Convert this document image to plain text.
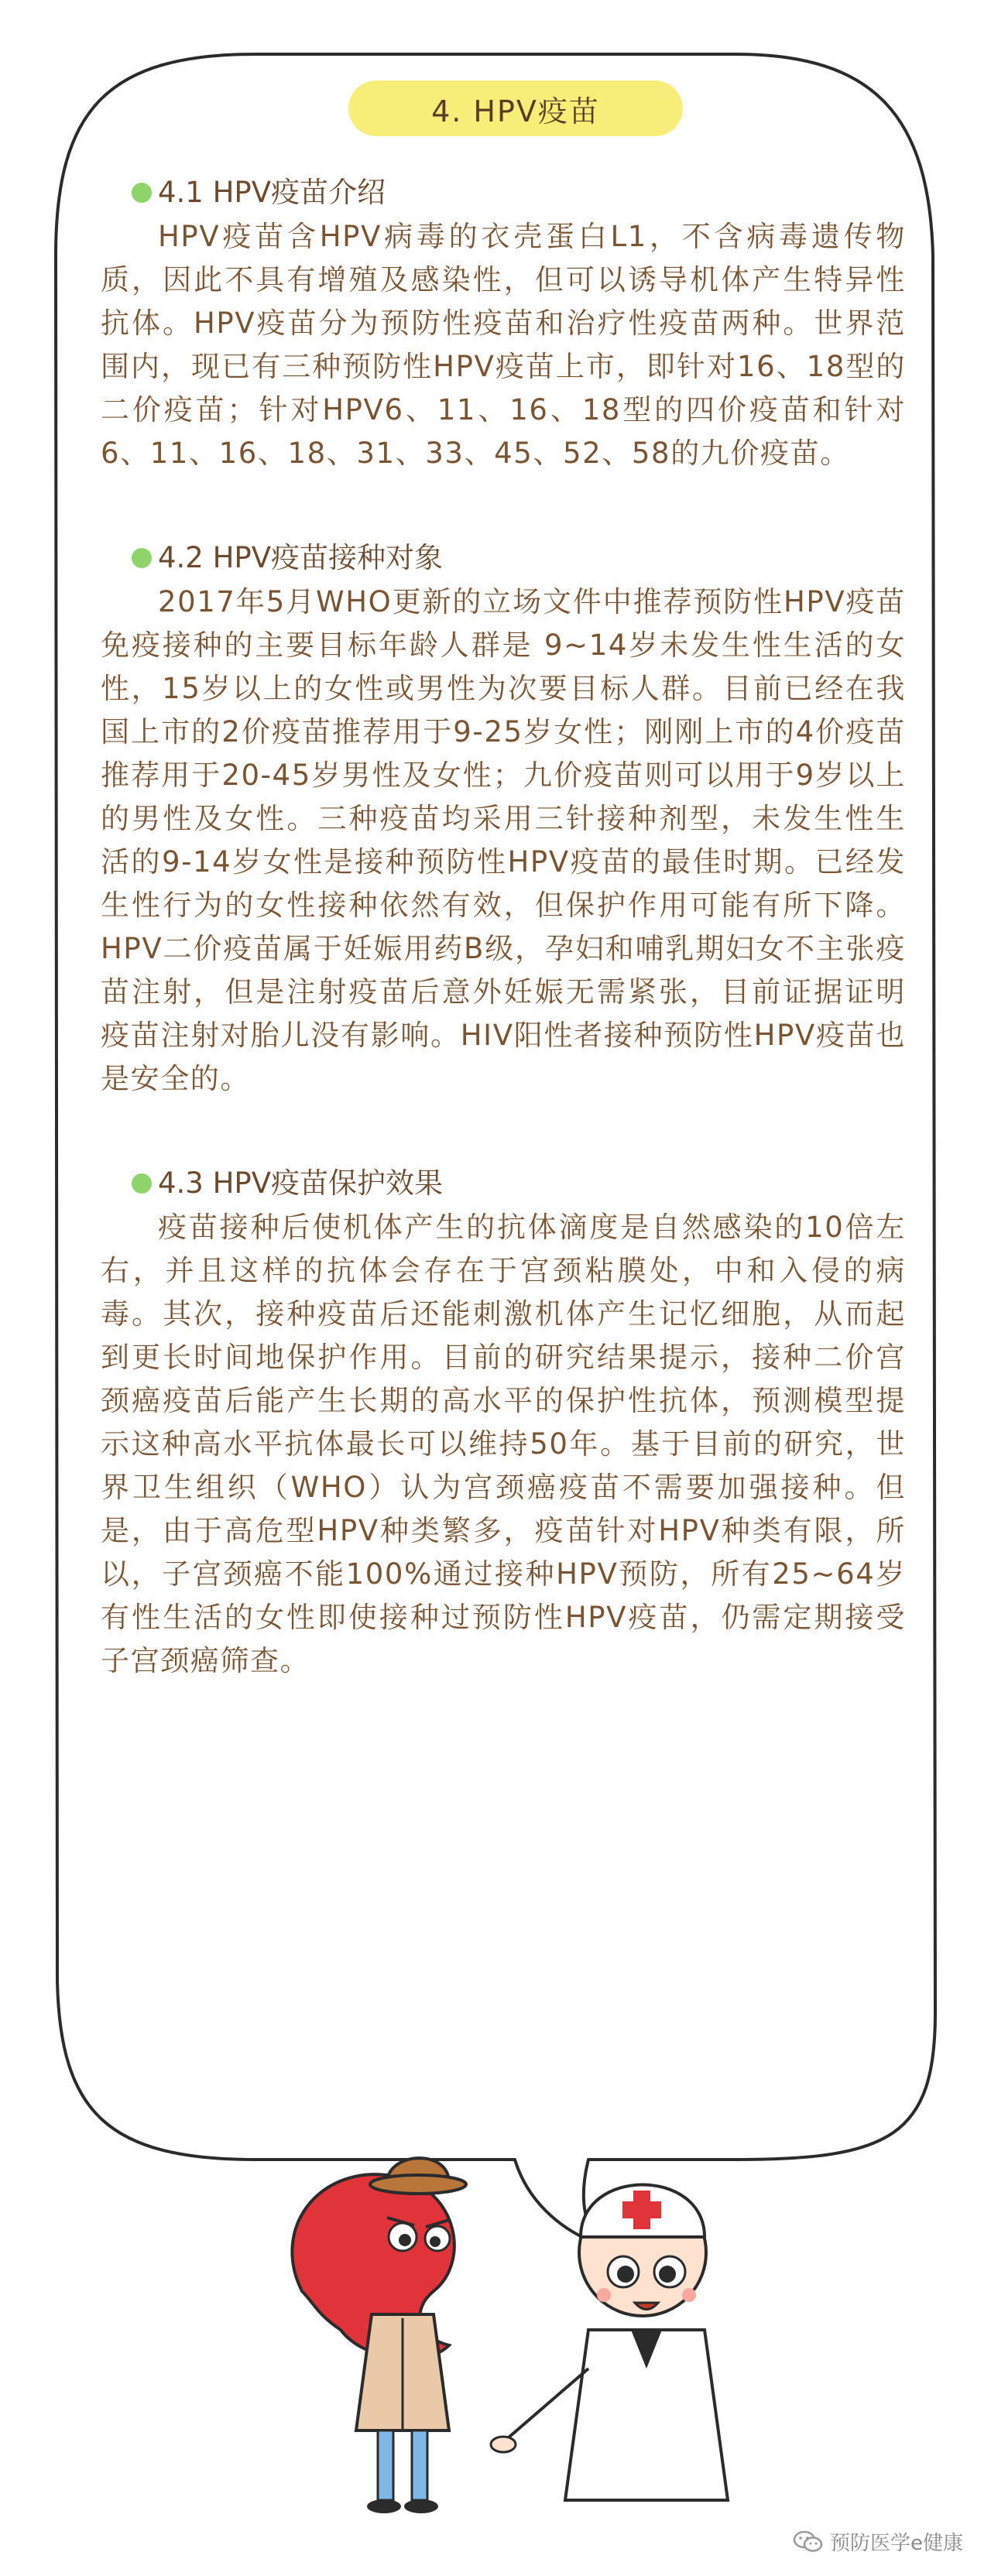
4. HPV疫苗
4.1 HPV疫苗介绍
HPV疫苗含HPV病毒的衣壳蛋白L1，不含病毒遗传物质，因此不具有增殖及感染性，但可以诱导机体产生特异性抗体。HPV疫苗分为预防性疫苗和治疗性疫苗两种。世界范围内，现已有三种预防性HPV疫苗上市，即针对16、18型的二价疫苗；针对HPV6、11、16、18型的四价疫苗和针对 6、11、16、18、31、33、45、52、58的九价疫苗。
4.2 HPV疫苗接种对象
2017年5月WHO更新的立场文件中推荐预防性HPV疫苗免疫接种的主要目标年龄人群是 9~14岁未发生性生活的女性，15岁以上的女性或男性为次要目标人群。目前已经在我国上市的2价疫苗推荐用于9-25岁女性；刚刚上市的4价疫苗推荐用于20-45岁男性及女性；九价疫苗则可以用于9岁以上的男性及女性。三种疫苗均采用三针接种剂型，未发生性生活的9-14岁女性是接种预防性HPV疫苗的最佳时期。已经发生性行为的女性接种依然有效，但保护作用可能有所下降。HPV二价疫苗属于妊娠用药B级，孕妇和哺乳期妇女不主张疫苗注射，但是注射疫苗后意外妊娠无需紧张，目前证据证明疫苗注射对胎儿没有影响。HIV阳性者接种预防性HPV疫苗也是安全的。
4.3 HPV疫苗保护效果
疫苗接种后使机体产生的抗体滴度是自然感染的10倍左右，并且这样的抗体会存在于宫颈粘膜处，中和入侵的病毒。其次，接种疫苗后还能刺激机体产生记忆细胞，从而起到更长时间地保护作用。目前的研究结果提示，接种二价宫颈癌疫苗后能产生长期的高水平的保护性抗体，预测模型提示这种高水平抗体最长可以维持50年。基于目前的研究，世界卫生组织（WHO）认为宫颈癌疫苗不需要加强接种。但是，由于高危型HPV种类繁多，疫苗针对HPV种类有限，所以，子宫颈癌不能100%通过接种HPV预防，所有25~64岁有性生活的女性即使接种过预防性HPV疫苗，仍需定期接受子宫颈癌筛查。
预防医学e健康
